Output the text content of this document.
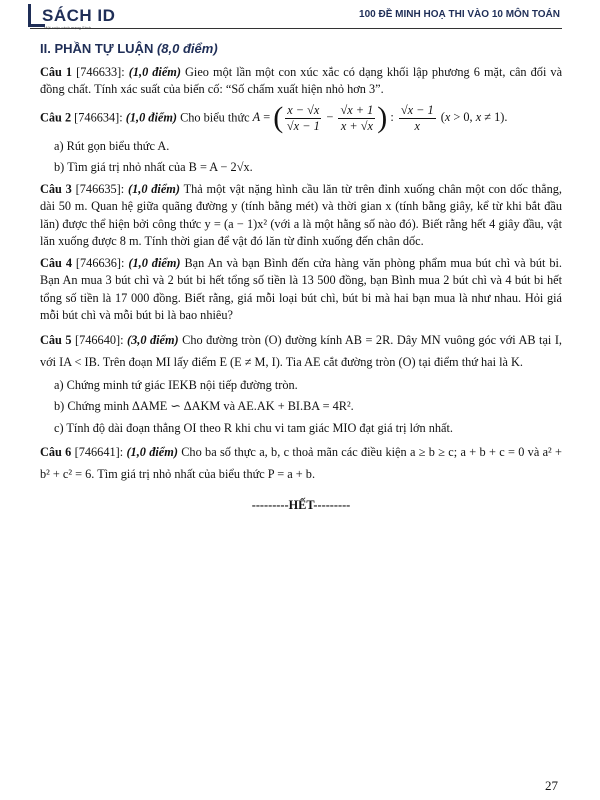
SÁCH ID
Một cuộc cách mạng Sách
100 ĐỀ MINH HOẠ THI VÀO 10 MÔN TOÁN
II. PHẦN TỰ LUẬN (8,0 điểm)

Câu 1 [746633]: (1,0 điểm) Gieo một lần một con xúc xắc có dạng khối lập phương 6 mặt, cân đối và đồng chất. Tính xác suất của biến cố: “Số chấm xuất hiện nhỏ hơn 3”.

Câu 2 [746634]: (1,0 điểm) Cho biểu thức A = ( $\frac{x - √x}{√x - 1} - \frac{√x + 1}{x + √x}$ ) : $\frac{√x - 1}{x} (x > 0$, x ≠ 1).

a) Rút gọn biểu thức A.

b) Tìm giá trị nhỏ nhất của B = A − 2√x.

Câu 3 [746635]: (1,0 điểm) Thả một vật nặng hình cầu lăn từ trên đỉnh xuống chân một con dốc thẳng, dài 50 m. Quan hệ giữa quãng đường y (tính bằng mét) và thời gian x (tính bằng giây, kể từ khi bắt đầu lăn) được thể hiện bởi công thức y = (a − 1)x² (với a là một hằng số nào đó). Biết rằng hết 4 giây đầu, vật lăn xuống được 8 m. Tính thời gian để vật đó lăn từ đỉnh xuống đến chân dốc.

Câu 4 [746636]: (1,0 điểm) Bạn An và bạn Bình đến cửa hàng văn phòng phẩm mua bút chì và bút bi. Bạn An mua 3 bút chì và 2 bút bi hết tổng số tiền là 13 500 đồng, bạn Bình mua 2 bút chì và 4 bút bi hết tổng số tiền là 17 000 đồng. Biết rằng, giá mỗi loại bút chì, bút bi mà hai bạn mua là như nhau. Hỏi giá mỗi bút chì và mỗi bút bi là bao nhiêu?

Câu 5 [746640]: (3,0 điểm) Cho đường tròn (O) đường kính AB = 2R. Dây MN vuông góc với AB tại I, với IA < IB. Trên đoạn MI lấy điểm E (E ≠ M, I). Tia AE cắt đường tròn (O) tại điểm thứ hai là K.

a) Chứng minh tứ giác IEKB nội tiếp đường tròn.

b) Chứng minh ΔAME ∽ ΔAKM và AE.AK + BI.BA = 4R².

c) Tính độ dài đoạn thẳng OI theo R khi chu vi tam giác MIO đạt giá trị lớn nhất.

Câu 6 [746641]: (1,0 điểm) Cho ba số thực a, b, c thoả mãn các điều kiện a ≥ b ≥ c; a + b + c = 0 và a² + b² + c² = 6. Tìm giá trị nhỏ nhất của biểu thức P = a + b.

---------HẾT---------
27
